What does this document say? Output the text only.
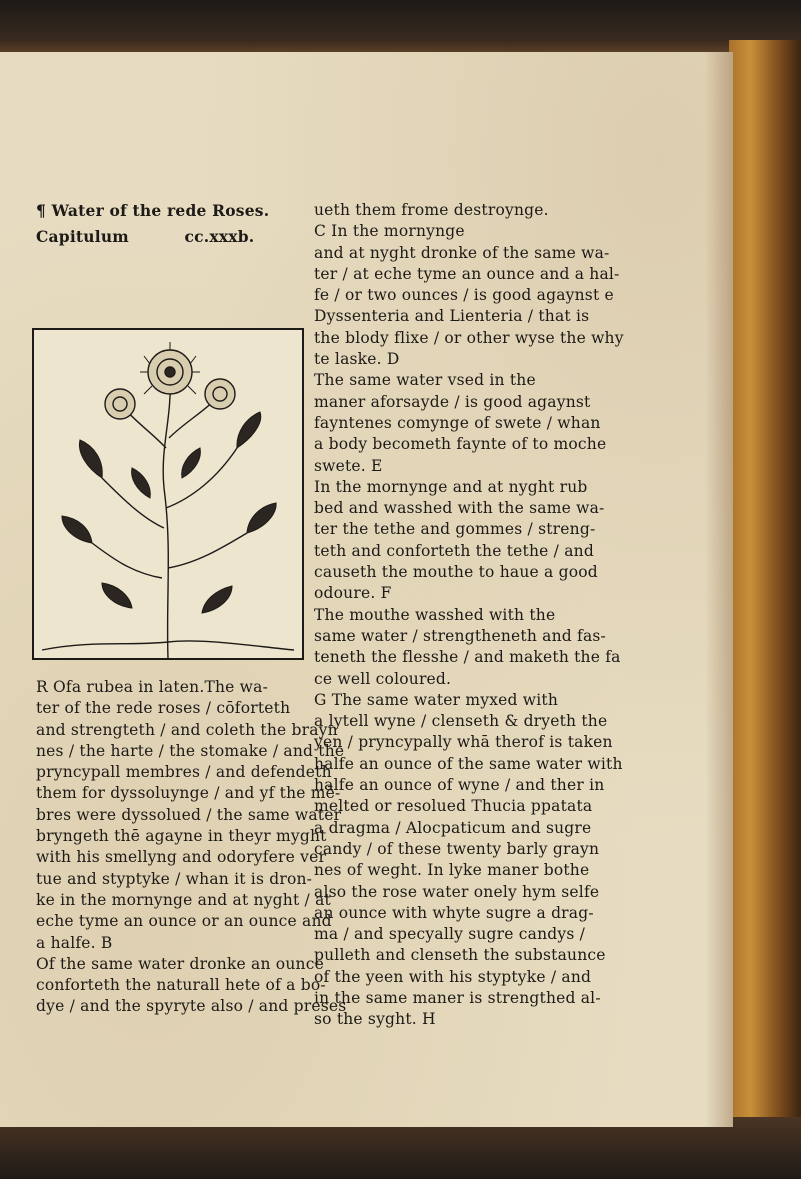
¶ Water of the rede Roses.
Capitulum	cc.xxxb.
R Ofa rubea in laten.The wa-
ter of the rede roses / cōforteth
and strengteth / and coleth the brayn
nes / the harte / the stomake / and the
pryncypall membres / and defendeth
them for dyssoluynge / and yf the mē-
bres were dyssolued / the same water
bryngeth thē agayne in theyr myght
with his smellyng and odoryfere ver
tue and styptyke / whan it is dron-
ke in the mornynge and at nyght / at
eche tyme an ounce or an ounce and
a halfe. B
Of the same water dronke an ounce
conforteth the naturall hete of a bo-
dye / and the spyryte also / and preses
ueth them frome destroynge.
C In the mornynge
and at nyght dronke of the same wa-
ter / at eche tyme an ounce and a hal-
fe / or two ounces / is good agaynst e
Dyssenteria and Lienteria / that is
the blody flixe / or other wyse the why
te laske. D
The same water vsed in the
maner aforsayde / is good agaynst
fayntenes comynge of swete / whan
a body becometh faynte of to moche
swete. E
In the mornynge and at nyght rub
bed and wasshed with the same wa-
ter the tethe and gommes / streng-
teth and conforteth the tethe / and
causeth the mouthe to haue a good
odoure. F
The mouthe wasshed with the
same water / strengtheneth and fas-
teneth the flesshe / and maketh the fa
ce well coloured.
G The same water myxed with
a lytell wyne / clenseth & dryeth the
yen / pryncypally whā therof is taken
halfe an ounce of the same water with
halfe an ounce of wyne / and ther in
melted or resolued Thucia ppatata
a dragma / Alocpaticum and sugre
candy / of these twenty barly grayn
nes of weght. In lyke maner bothe
also the rose water onely hym selfe
an ounce with whyte sugre a drag-
ma / and specyally sugre candys /
pulleth and clenseth the substaunce
of the yeen with his styptyke / and
in the same maner is strengthed al-
so the syght. H
